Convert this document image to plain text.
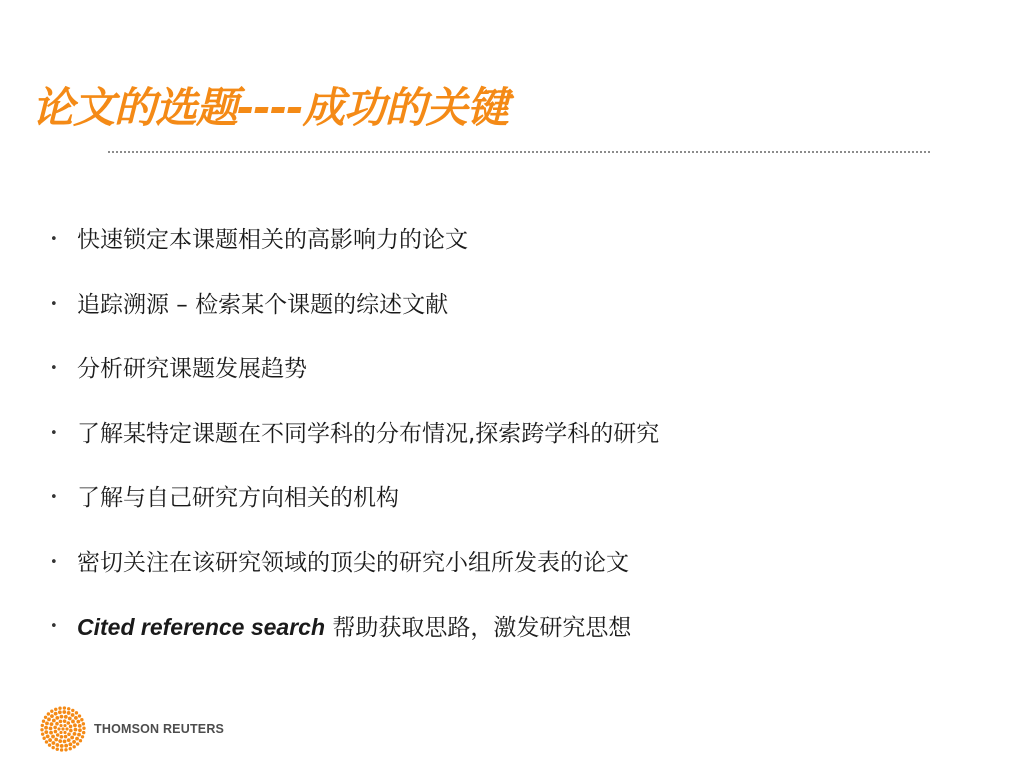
论文的选题----成功的关键
• 快速锁定本课题相关的高影响力的论文
• 追踪溯源 – 检索某个课题的综述文献
• 分析研究课题发展趋势
• 了解某特定课题在不同学科的分布情况,探索跨学科的研究
• 了解与自己研究方向相关的机构
• 密切关注在该研究领域的顶尖的研究小组所发表的论文
• Cited reference search 帮助获取思路，激发研究思想
THOMSON REUTERS
